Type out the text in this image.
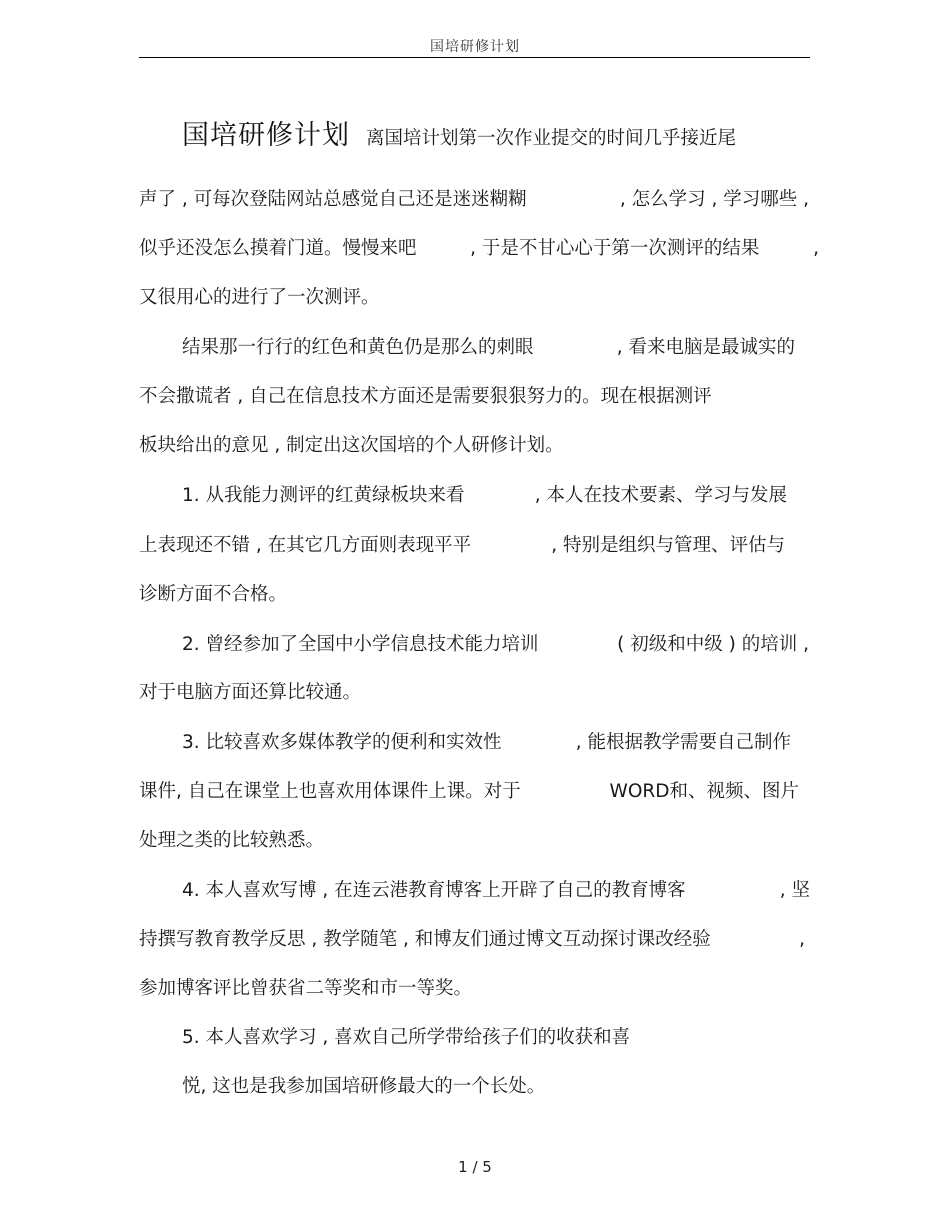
国培研修计划
国培研修计划 离国培计划第一次作业提交的时间几乎接近尾
声了 , 可每次登陆网站总感觉自己还是迷迷糊糊	, 怎么学习 , 学习哪些 ,
似乎还没怎么摸着门道。慢慢来吧	, 于是不甘心心于第一次测评的结果	,
又很用心的进行了一次测评。
结果那一行行的红色和黄色仍是那么的刺眼	, 看来电脑是最诚实的
不会撒谎者 , 自己在信息技术方面还是需要狠狠努力的。现在根据测评
板块给出的意见 , 制定出这次国培的个人研修计划。
1. 从我能力测评的红黄绿板块来看	, 本人在技术要素、学习与发展
上表现还不错 , 在其它几方面则表现平平	, 特别是组织与管理、评估与
诊断方面不合格。
2. 曾经参加了全国中小学信息技术能力培训	( 初级和中级 ) 的培训 ,
对于电脑方面还算比较通。
3. 比较喜欢多媒体教学的便利和实效性	, 能根据教学需要自己制作
课件, 自己在课堂上也喜欢用体课件上课。对于	WORD和、视频、图片
处理之类的比较熟悉。
4. 本人喜欢写博 , 在连云港教育博客上开辟了自己的教育博客	, 坚
持撰写教育教学反思 , 教学随笔 , 和博友们通过博文互动探讨课改经验	,
参加博客评比曾获省二等奖和市一等奖。
5. 本人喜欢学习 , 喜欢自己所学带给孩子们的收获和喜
悦, 这也是我参加国培研修最大的一个长处。
1 / 5
